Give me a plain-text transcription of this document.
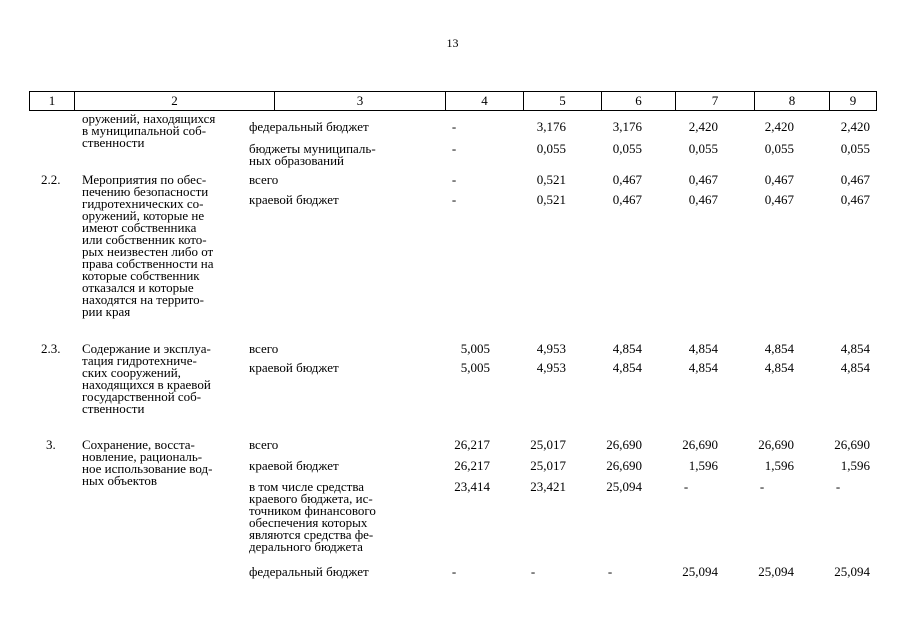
13
1	2	3	4	5	6	7	8	9
оружений, находящихся
в муниципальной соб-
ственности
федеральный бюджет	-	3,176	3,176	2,420	2,420	2,420
бюджеты муниципаль-
ных образований
-	0,055	0,055	0,055	0,055	0,055
2.2. Мероприятия по обес-
печению безопасности
гидротехнических со-
оружений, которые не
имеют собственника
или собственник кото-
рых неизвестен либо от
права собственности на
которые собственник
отказался и которые
находятся на террито-
рии края
всего	-	0,521	0,467	0,467	0,467	0,467
краевой бюджет	-	0,521	0,467	0,467	0,467	0,467
2.3. Содержание и эксплуа-
тация гидротехниче-
ских сооружений,
находящихся в краевой
государственной соб-
ственности
всего	5,005	4,953	4,854	4,854	4,854	4,854
краевой бюджет	5,005	4,953	4,854	4,854	4,854	4,854
3. Сохранение, восста-
новление, рациональ-
ное использование вод-
ных объектов
всего	26,217	25,017	26,690	26,690	26,690	26,690
краевой бюджет	26,217	25,017	26,690	1,596	1,596	1,596
в том числе средства
краевого бюджета, ис-
точником финансового
обеспечения которых
являются средства фе-
дерального бюджета
23,414	23,421	25,094	-	-	-
федеральный бюджет	-	-	-	25,094	25,094	25,094
